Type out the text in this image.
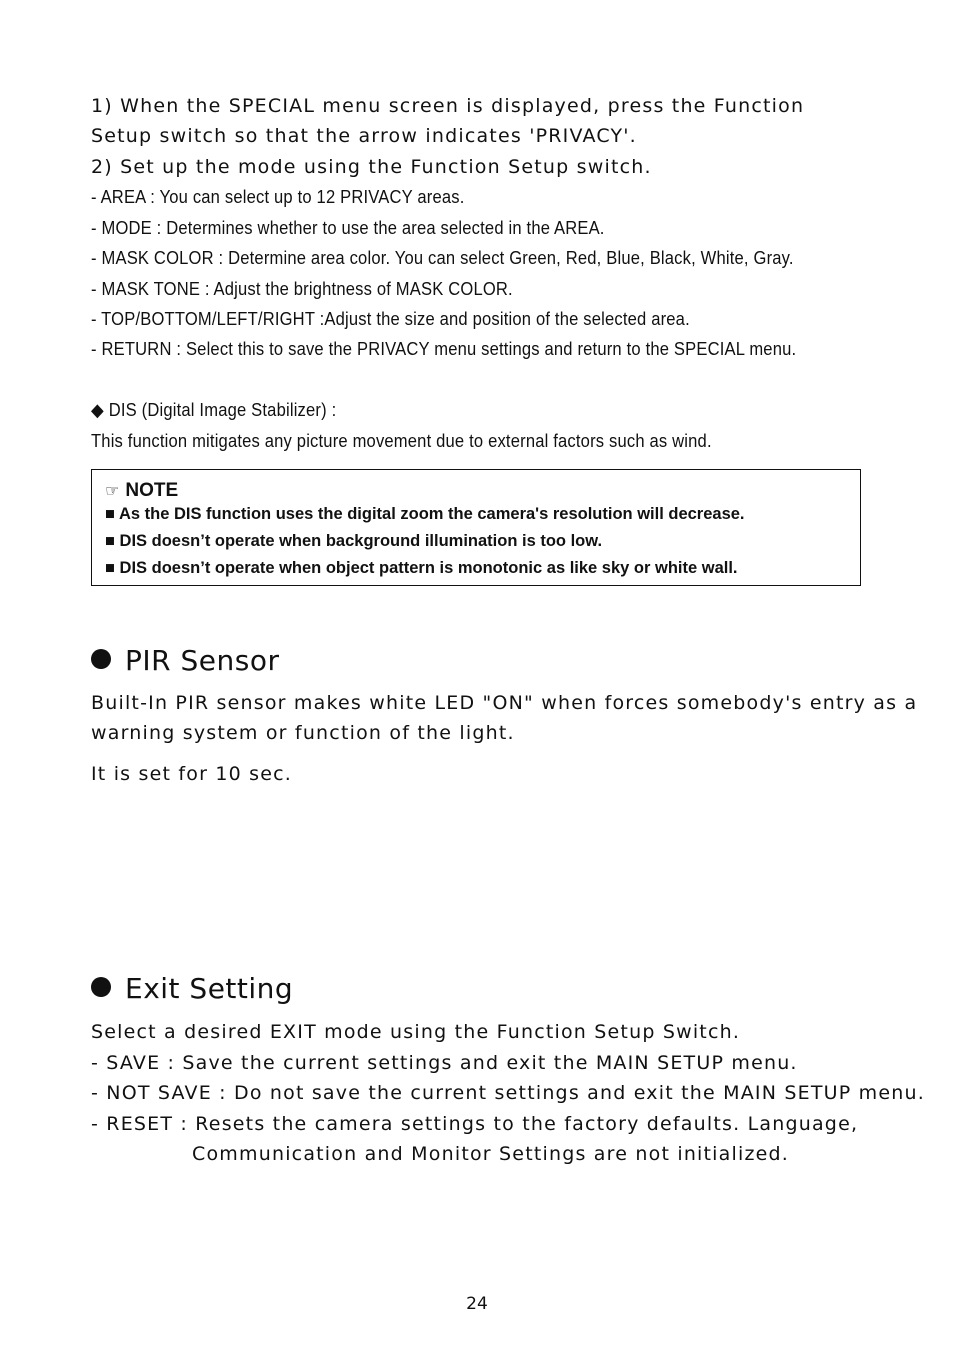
1) When the SPECIAL menu screen is displayed, press the Function
Setup switch so that the arrow indicates 'PRIVACY'.
2) Set up the mode using the Function Setup switch.
- AREA : You can select up to 12 PRIVACY areas.
- MODE : Determines whether to use the area selected in the AREA.
- MASK COLOR : Determine area color. You can select Green, Red, Blue, Black, White, Gray.
- MASK TONE : Adjust the brightness of MASK COLOR.
- TOP/BOTTOM/LEFT/RIGHT :Adjust the size and position of the selected area.
- RETURN : Select this to save the PRIVACY menu settings and return to the SPECIAL menu.
◆ DIS (Digital Image Stabilizer) :
This function mitigates any picture movement due to external factors such as wind.
☞ NOTE
■ As the DIS function uses the digital zoom the camera's resolution will decrease.
■ DIS doesn’t operate when background illumination is too low.
■ DIS doesn’t operate when object pattern is monotonic as like sky or white wall.
PIR Sensor
Built-In PIR sensor makes white LED "ON" when forces somebody's entry as a
warning system or function of the light.
It is set for 10 sec.
Exit Setting
Select a desired EXIT mode using the Function Setup Switch.
- SAVE : Save the current settings and exit the MAIN SETUP menu.
- NOT SAVE : Do not save the current settings and exit the MAIN SETUP menu.
- RESET : Resets the camera settings to the factory defaults. Language,
Communication and Monitor Settings are not initialized.
24
